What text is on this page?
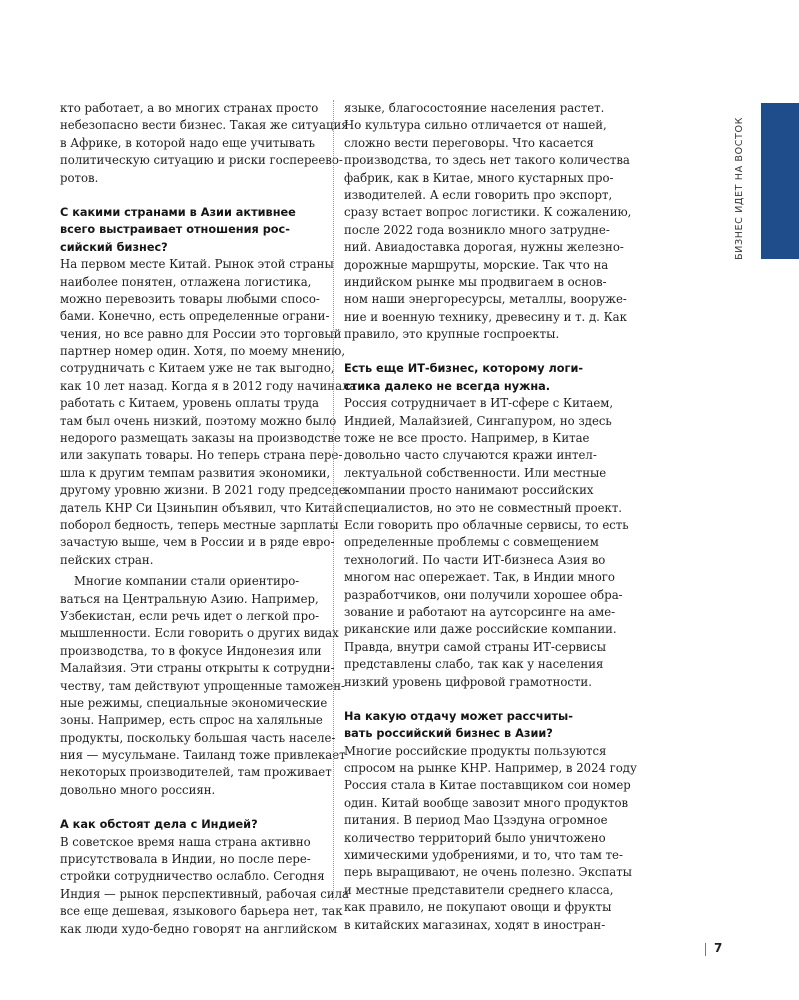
БИЗНЕС ИДЕТ НА ВОСТОК
кто работает, а во многих странах просто
небезопасно вести бизнес. Такая же ситуация
в Африке, в которой надо еще учитывать
политическую ситуацию и риски госпереево-
ротов.
С какими странами в Азии активнее
всего выстраивает отношения рос-
сийский бизнес?
На первом месте Китай. Рынок этой страны
наиболее понятен, отлажена логистика,
можно перевозить товары любыми спосо-
бами. Конечно, есть определенные ограни-
чения, но все равно для России это торговый
партнер номер один. Хотя, по моему мнению,
сотрудничать с Китаем уже не так выгодно,
как 10 лет назад. Когда я в 2012 году начинала
работать с Китаем, уровень оплаты труда
там был очень низкий, поэтому можно было
недорого размещать заказы на производстве
или закупать товары. Но теперь страна пере-
шла к другим темпам развития экономики,
другому уровню жизни. В 2021 году председе-
датель КНР Си Цзиньпин объявил, что Китай
поборол бедность, теперь местные зарплаты
зачастую выше, чем в России и в ряде евро-
пейских стран.
Многие компании стали ориентиро-
ваться на Центральную Азию. Например,
Узбекистан, если речь идет о легкой про-
мышленности. Если говорить о других видах
производства, то в фокусе Индонезия или
Малайзия. Эти страны открыты к сотрудни-
честву, там действуют упрощенные таможен-
ные режимы, специальные экономические
зоны. Например, есть спрос на халяльные
продукты, поскольку большая часть населе-
ния — мусульмане. Таиланд тоже привлекает
некоторых производителей, там проживает
довольно много россиян.
А как обстоят дела с Индией?
В советское время наша страна активно
присутствовала в Индии, но после пере-
стройки сотрудничество ослабло. Сегодня
Индия — рынок перспективный, рабочая сила
все еще дешевая, языкового барьера нет, так
как люди худо-бедно говорят на английском
языке, благосостояние населения растет.
Но культура сильно отличается от нашей,
сложно вести переговоры. Что касается
производства, то здесь нет такого количества
фабрик, как в Китае, много кустарных про-
изводителей. А если говорить про экспорт,
сразу встает вопрос логистики. К сожалению,
после 2022 года возникло много затрудне-
ний. Авиадоставка дорогая, нужны железно-
дорожные маршруты, морские. Так что на
индийском рынке мы продвигаем в основ-
ном наши энергоресурсы, металлы, вооруже-
ние и военную технику, древесину и т. д. Как
правило, это крупные госпроекты.
Есть еще ИТ-бизнес, которому логи-
стика далеко не всегда нужна.
Россия сотрудничает в ИТ-сфере с Китаем,
Индией, Малайзией, Сингапуром, но здесь
тоже не все просто. Например, в Китае
довольно часто случаются кражи интел-
лектуальной собственности. Или местные
компании просто нанимают российских
специалистов, но это не совместный проект.
Если говорить про облачные сервисы, то есть
определенные проблемы с совмещением
технологий. По части ИТ-бизнеса Азия во
многом нас опережает. Так, в Индии много
разработчиков, они получили хорошее обра-
зование и работают на аутсорсинге на аме-
риканские или даже российские компании.
Правда, внутри самой страны ИТ-сервисы
представлены слабо, так как у населения
низкий уровень цифровой грамотности.
На какую отдачу может рассчиты-
вать российский бизнес в Азии?
Многие российские продукты пользуются
спросом на рынке КНР. Например, в 2024 году
Россия стала в Китае поставщиком сои номер
один. Китай вообще завозит много продуктов
питания. В период Мао Цзэдуна огромное
количество территорий было уничтожено
химическими удобрениями, и то, что там те-
перь выращивают, не очень полезно. Экспаты
и местные представители среднего класса,
как правило, не покупают овощи и фрукты
в китайских магазинах, ходят в иностран-
7
